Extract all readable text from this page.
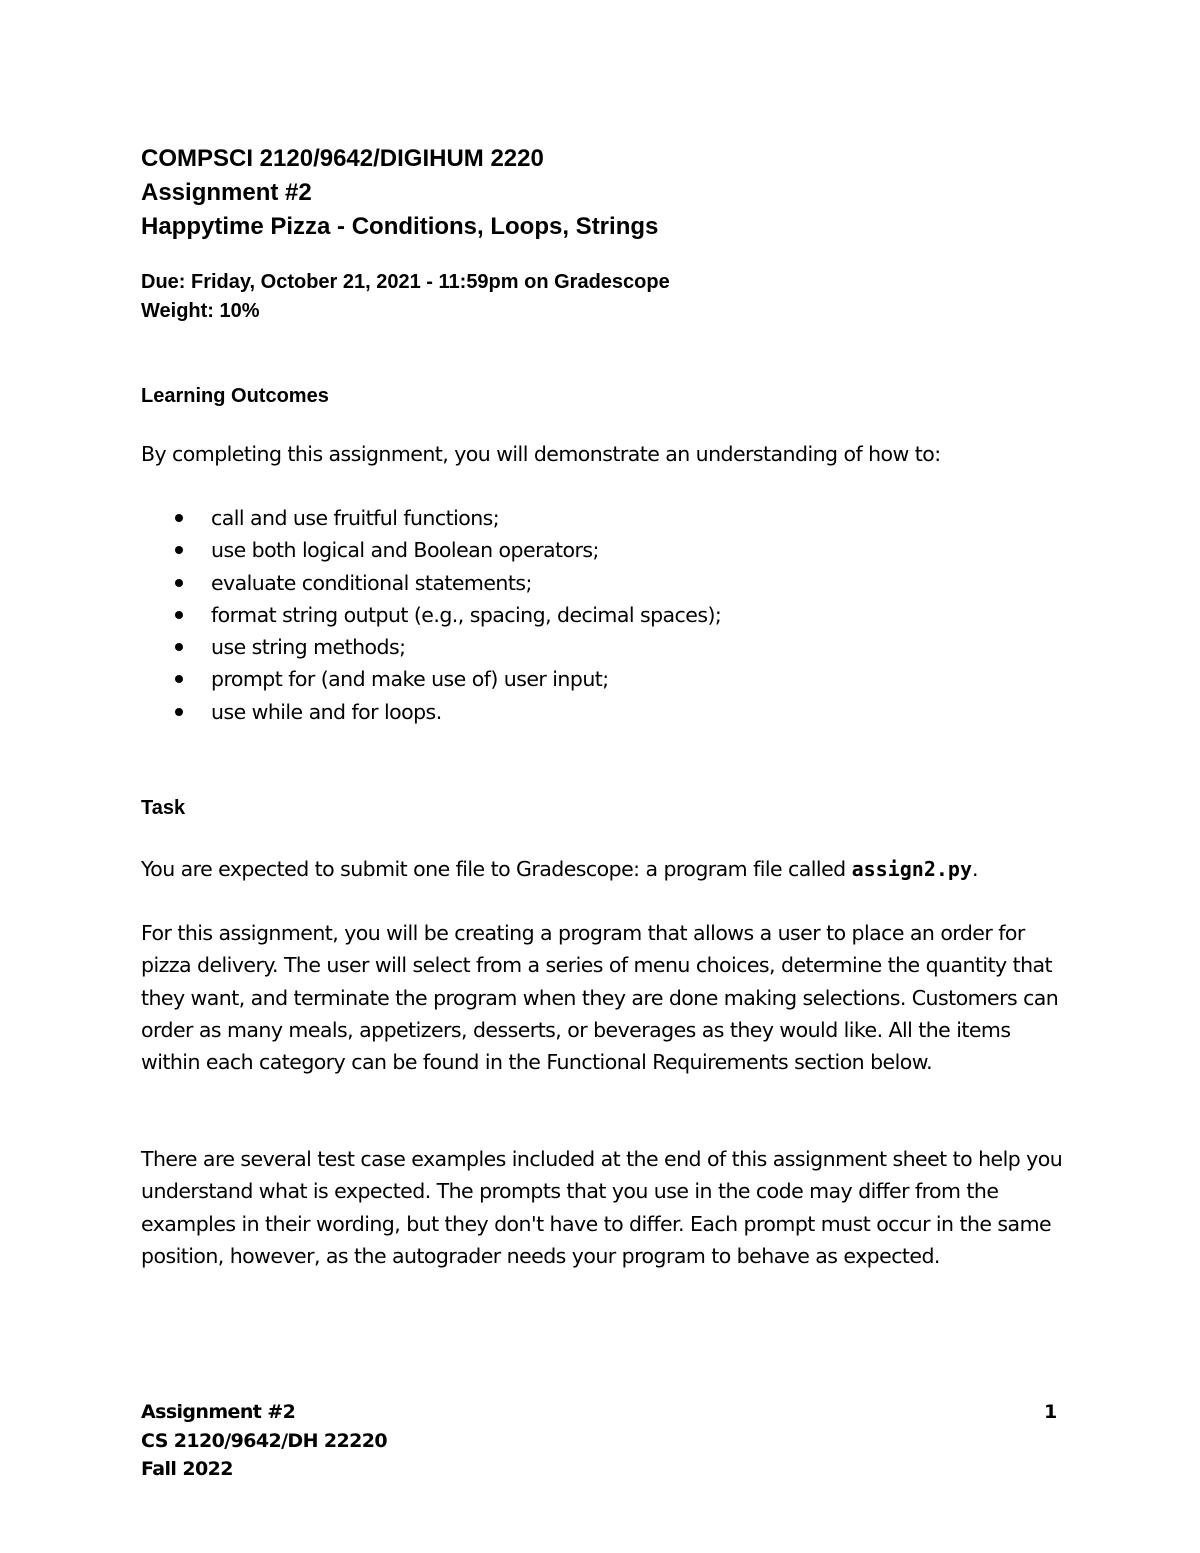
COMPSCI 2120/9642/DIGIHUM 2220

Assignment #2

Happytime Pizza - Conditions, Loops, Strings

Due: Friday, October 21, 2021 - 11:59pm on Gradescope

Weight: 10%

Learning Outcomes

By completing this assignment, you will demonstrate an understanding of how to:

call and use fruitful functions;
use both logical and Boolean operators;
evaluate conditional statements;
format string output (e.g., spacing, decimal spaces);
use string methods;
prompt for (and make use of) user input;
use while and for loops.
Task

You are expected to submit one file to Gradescope: a program file called assign2.py.

For this assignment, you will be creating a program that allows a user to place an order for pizza delivery. The user will select from a series of menu choices, determine the quantity that they want, and terminate the program when they are done making selections. Customers can order as many meals, appetizers, desserts, or beverages as they would like. All the items within each category can be found in the Functional Requirements section below.

There are several test case examples included at the end of this assignment sheet to help you understand what is expected. The prompts that you use in the code may differ from the examples in their wording, but they don't have to differ. Each prompt must occur in the same position, however, as the autograder needs your program to behave as expected.

Assignment #2

CS 2120/9642/DH 22220

Fall 2022

1
